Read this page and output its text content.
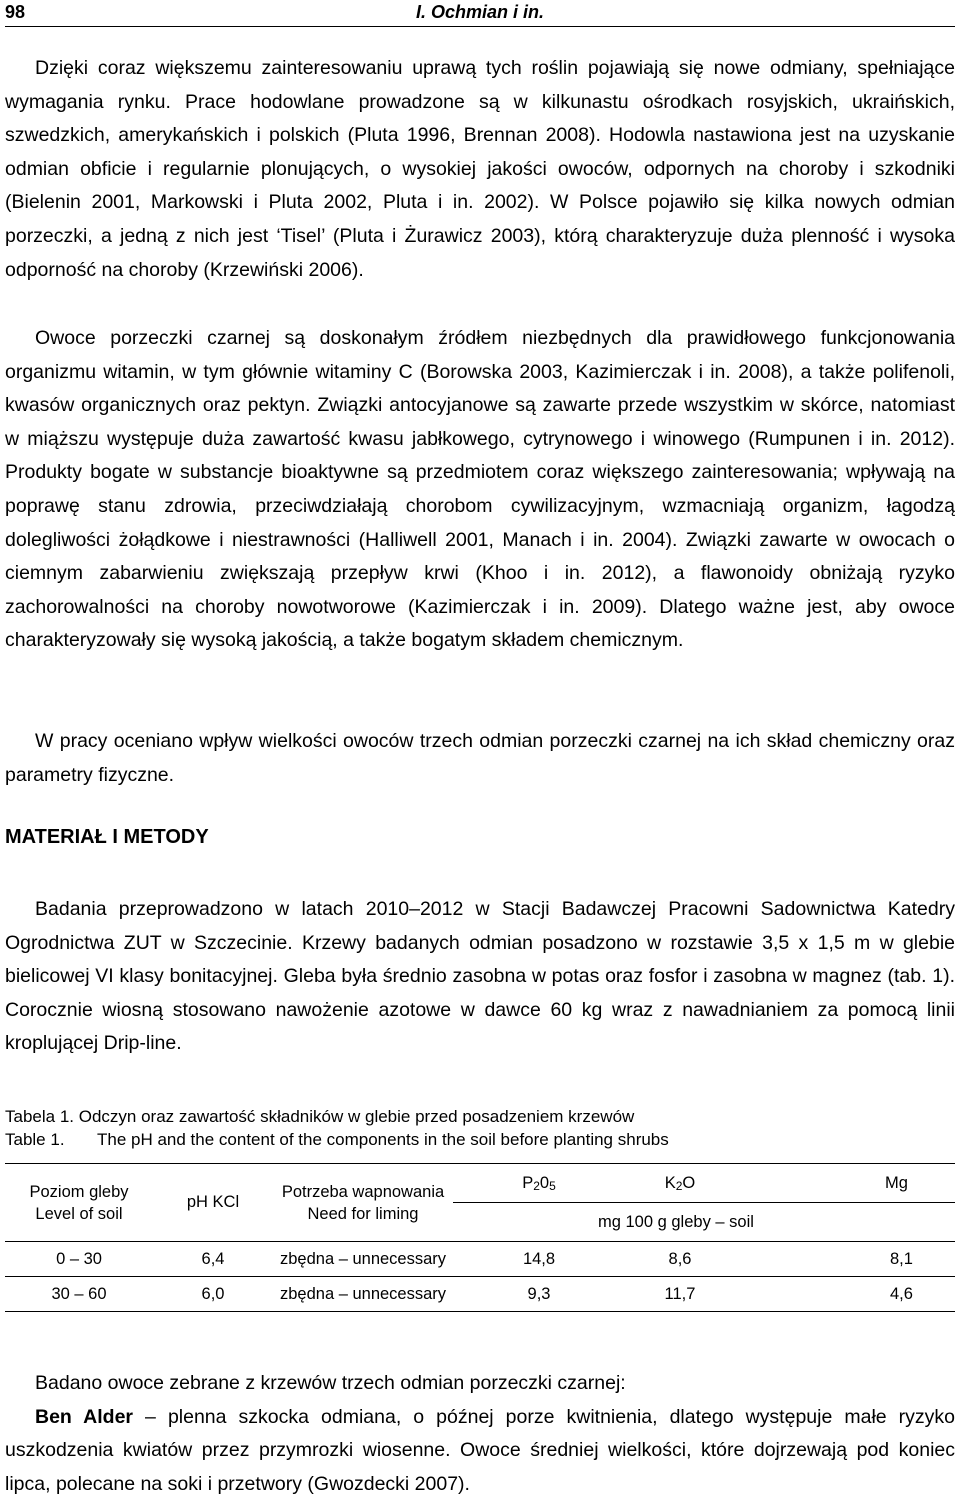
98	I. Ochmian i in.

Dzięki coraz większemu zainteresowaniu uprawą tych roślin pojawiają się nowe odmiany, spełniające wymagania rynku. Prace hodowlane prowadzone są w kilkunastu ośrodkach rosyjskich, ukraińskich, szwedzkich, amerykańskich i polskich (Pluta 1996, Brennan 2008). Hodowla nastawiona jest na uzyskanie odmian obficie i regularnie plonujących, o wysokiej jakości owoców, odpornych na choroby i szkodniki (Bielenin 2001, Markowski i Pluta 2002, Pluta i in. 2002). W Polsce pojawiło się kilka nowych odmian porzeczki, a jedną z nich jest ‘Tisel’ (Pluta i Żurawicz 2003), którą charakteryzuje duża plenność i wysoka odporność na choroby (Krzewiński 2006).

Owoce porzeczki czarnej są doskonałym źródłem niezbędnych dla prawidłowego funkcjonowania organizmu witamin, w tym głównie witaminy C (Borowska 2003, Kazimierczak i in. 2008), a także polifenoli, kwasów organicznych oraz pektyn. Związki antocyjanowe są zawarte przede wszystkim w skórce, natomiast w miąższu występuje duża zawartość kwasu jabłkowego, cytrynowego i winowego (Rumpunen i in. 2012). Produkty bogate w substancje bioaktywne są przedmiotem coraz większego zainteresowania; wpływają na poprawę stanu zdrowia, przeciwdziałają chorobom cywilizacyjnym, wzmacniają organizm, łagodzą dolegliwości żołądkowe i niestrawności (Halliwell 2001, Manach i in. 2004). Związki zawarte w owocach o ciemnym zabarwieniu zwiększają przepływ krwi (Khoo i in. 2012), a flawonoidy obniżają ryzyko zachorowalności na choroby nowotworowe (Kazimierczak i in. 2009). Dlatego ważne jest, aby owoce charakteryzowały się wysoką jakością, a także bogatym składem chemicznym.

W pracy oceniano wpływ wielkości owoców trzech odmian porzeczki czarnej na ich skład chemiczny oraz parametry fizyczne.

MATERIAŁ I METODY

Badania przeprowadzono w latach 2010–2012 w Stacji Badawczej Pracowni Sadownictwa Katedry Ogrodnictwa ZUT w Szczecinie. Krzewy badanych odmian posadzono w rozstawie 3,5 x 1,5 m w glebie bielicowej VI klasy bonitacyjnej. Gleba była średnio zasobna w potas oraz fosfor i zasobna w magnez (tab. 1). Corocznie wiosną stosowano nawożenie azotowe w dawce 60 kg wraz z nawadnianiem za pomocą linii kroplującej Drip-line.

Tabela 1. Odczyn oraz zawartość składników w glebie przed posadzeniem krzewów
Table 1. The pH and the content of the components in the soil before planting shrubs
Poziom gleby
Level of soil	pH KCl	Potrzeba wapnowania
Need for liming	P205	K2O	Mg
			mg 100 g gleby – soil		
0 – 30	6,4	zbędna – unnecessary	14,8	8,6	8,1
30 – 60	6,0	zbędna – unnecessary	9,3	11,7	4,6
Badano owoce zebrane z krzewów trzech odmian porzeczki czarnej:
Ben Alder – plenna szkocka odmiana, o późnej porze kwitnienia, dlatego występuje małe ryzyko uszkodzenia kwiatów przez przymrozki wiosenne. Owoce średniej wielkości, które dojrzewają pod koniec lipca, polecane na soki i przetwory (Gwozdecki 2007).
